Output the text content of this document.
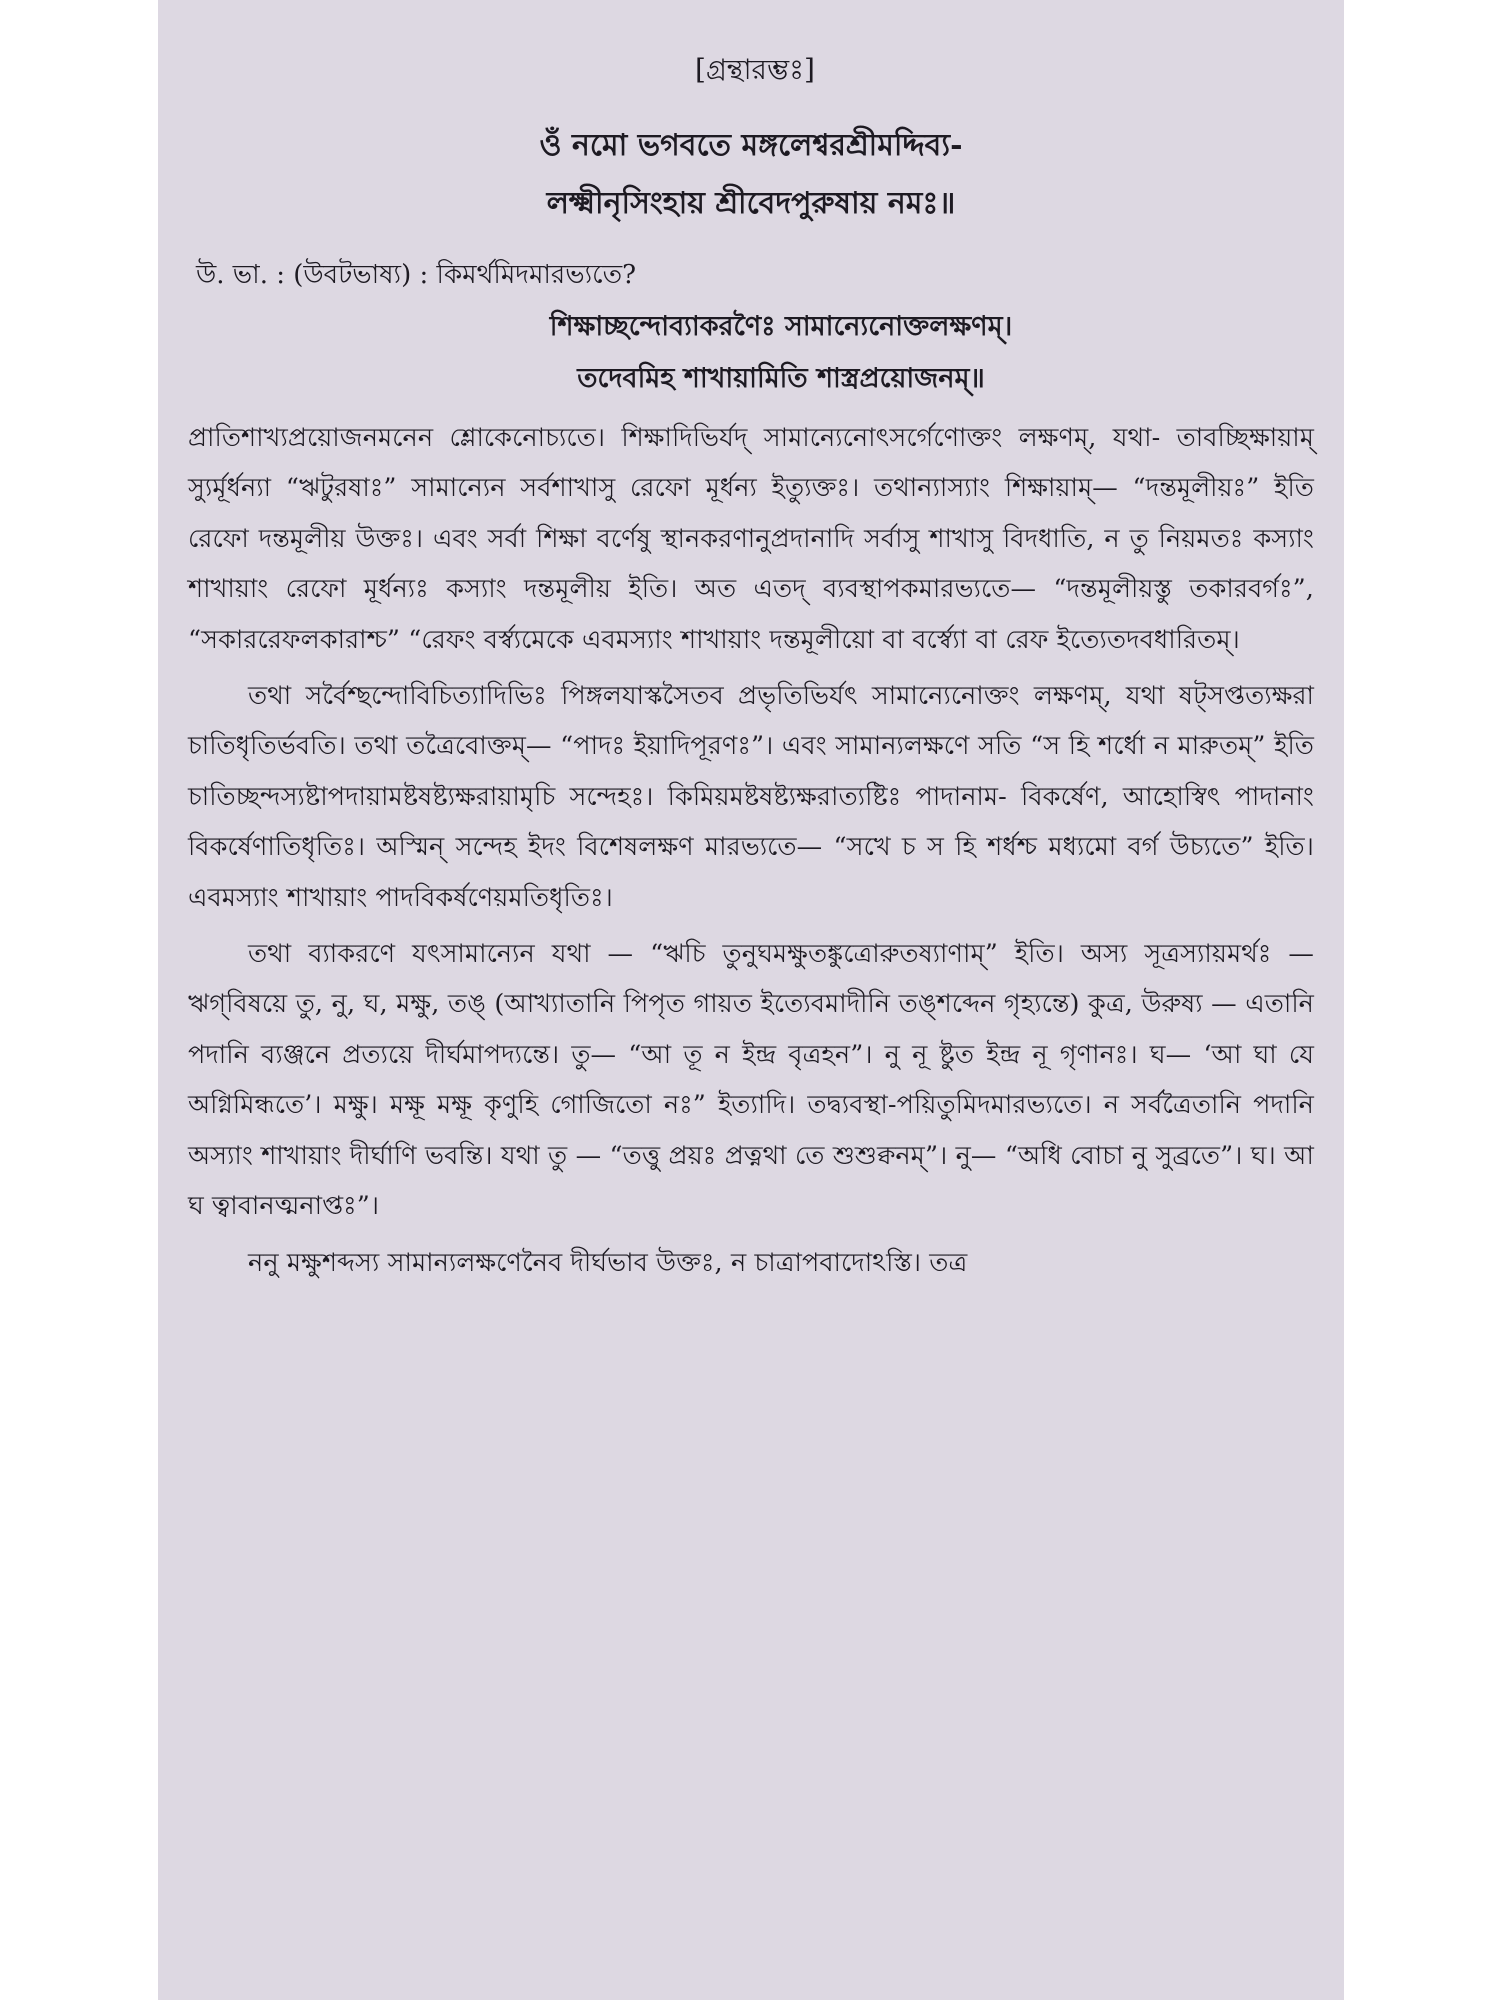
[গ্রন্থারম্ভঃ]
ওঁ নমো ভগবতে মঙ্গলেশ্বরশ্রীমদ্দিব্য-
লক্ষ্মীনৃসিংহায় শ্রীবেদপুরুষায় নমঃ॥
উ. ভা. : (উবটভাষ্য) : কিমর্থমিদমারভ্যতে?
শিক্ষাচ্ছন্দোব্যাকরণৈঃ সামান্যেনোক্তলক্ষণম্।
তদেবমিহ শাখায়ামিতি শাস্ত্রপ্রয়োজনম্॥

প্রাতিশাখ্যপ্রয়োজনমনেন শ্লোকেনোচ্যতে। শিক্ষাদিভির্যদ্ সামান্যেনোৎসর্গেণোক্তং লক্ষণম্, যথা- তাবচ্ছিক্ষায়াম্ স্যুর্মূর্ধন্যা “ঋটুরষাঃ” সামান্যেন সর্বশাখাসু রেফো মূর্ধন্য ইত্যুক্তঃ। তথান্যাস্যাং শিক্ষায়াম্— “দন্তমূলীয়ঃ” ইতি রেফো দন্তমূলীয় উক্তঃ। এবং সর্বা শিক্ষা বর্ণেষু স্থানকরণানুপ্রদানাদি সর্বাসু শাখাসু বিদধাতি, ন তু নিয়মতঃ কস্যাং শাখায়াং রেফো মূর্ধন্যঃ কস্যাং দন্তমূলীয় ইতি। অত এতদ্ ব্যবস্থাপকমারভ্যতে— “দন্তমূলীয়স্তু তকারবর্গঃ”, “সকাররেফলকারাশ্চ” “রেফং বর্স্ব্যমেকে এবমস্যাং শাখায়াং দন্তমূলীয়ো বা বর্স্ব্যো বা রেফ ইত্যেতদবধারিতম্।

তথা সর্বৈশ্ছন্দোবিচিত্যাদিভিঃ পিঙ্গলযাস্কসৈতব প্রভৃতিভির্যৎ সামান্যেনোক্তং লক্ষণম্, যথা ষট্‌সপ্তত্যক্ষরা চাতিধৃতির্ভবতি। তথা তত্রৈবোক্তম্— “পাদঃ ইয়াদিপূরণঃ”। এবং সামান্যলক্ষণে সতি “স হি শর্ধো ন মারুতম্” ইতি চাতিচ্ছন্দস্যষ্টাপদায়ামষ্টষষ্ট্যক্ষরায়ামৃচি সন্দেহঃ। কিমিয়মষ্টষষ্ট্যক্ষরাত্যষ্টিঃ পাদানাম- বিকর্ষেণ, আহোস্বিৎ পাদানাং বিকর্ষেণাতিধৃতিঃ। অস্মিন্ সন্দেহ ইদং বিশেষলক্ষণ মারভ্যতে— “সখে চ স হি শর্ধশ্চ মধ্যমো বর্গ উচ্যতে” ইতি। এবমস্যাং শাখায়াং পাদবিকর্ষণেয়মতিধৃতিঃ।

তথা ব্যাকরণে যৎসামান্যেন যথা — “ঋচি তুনুঘমক্ষুতঙ্কুত্রোরুতষ্যাণাম্” ইতি। অস্য সূত্রস্যায়মর্থঃ — ঋগ্‌বিষয়ে তু, নু, ঘ, মক্ষু, তঙ্ (আখ্যাতানি পিপৃত গায়ত ইত্যেবমাদীনি তঙ্‌শব্দেন গৃহ্যন্তে) কুত্র, উরুষ্য — এতানি পদানি ব্যঞ্জনে প্রত্যয়ে দীর্ঘমাপদ্যন্তে। তু— “আ তূ ন ইন্দ্র বৃত্রহন”। নু নূ ষ্টুত ইন্দ্র নূ গৃণানঃ। ঘ— ‘আ ঘা যে অগ্নিমিন্ধতে’। মক্ষু। মক্ষূ মক্ষূ কৃণুহি গোজিতো নঃ” ইত্যাদি। তদ্ব্যবস্থা-পয়িতুমিদমারভ্যতে। ন সর্বত্রৈতানি পদানি অস্যাং শাখায়াং দীর্ঘাণি ভবন্তি। যথা তু — “তত্তু প্রয়ঃ প্রত্নথা তে শুশুক্বনম্”। নু— “অধি বোচা নু সুব্রতে”। ঘ। আ ঘ ত্বাবানত্মনাপ্তঃ”।

ননু মক্ষুশব্দস্য সামান্যলক্ষণেনৈব দীর্ঘভাব উক্তঃ, ন চাত্রাপবাদোঽস্তি। তত্র
